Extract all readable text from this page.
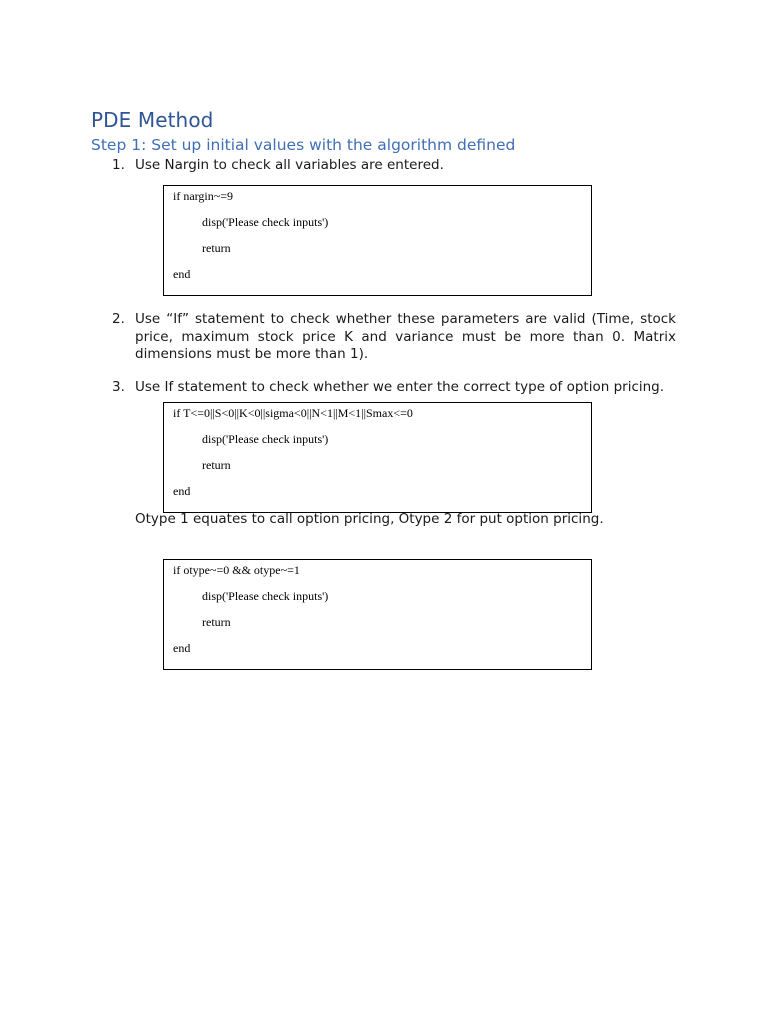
PDE Method
Step 1: Set up initial values with the algorithm defined
1. Use Nargin to check all variables are entered.
if nargin~=9
disp('Please check inputs')
return
end
2. Use “If” statement to check whether these parameters are valid (Time, stock price, maximum stock price K and variance must be more than 0. Matrix dimensions must be more than 1).
3. Use If statement to check whether we enter the correct type of option pricing.
if T<=0||S<0||K<0||sigma<0||N<1||M<1||Smax<=0
disp('Please check inputs')
return
end
Otype 1 equates to call option pricing, Otype 2 for put option pricing.
if otype~=0 && otype~=1
disp('Please check inputs')
return
end
